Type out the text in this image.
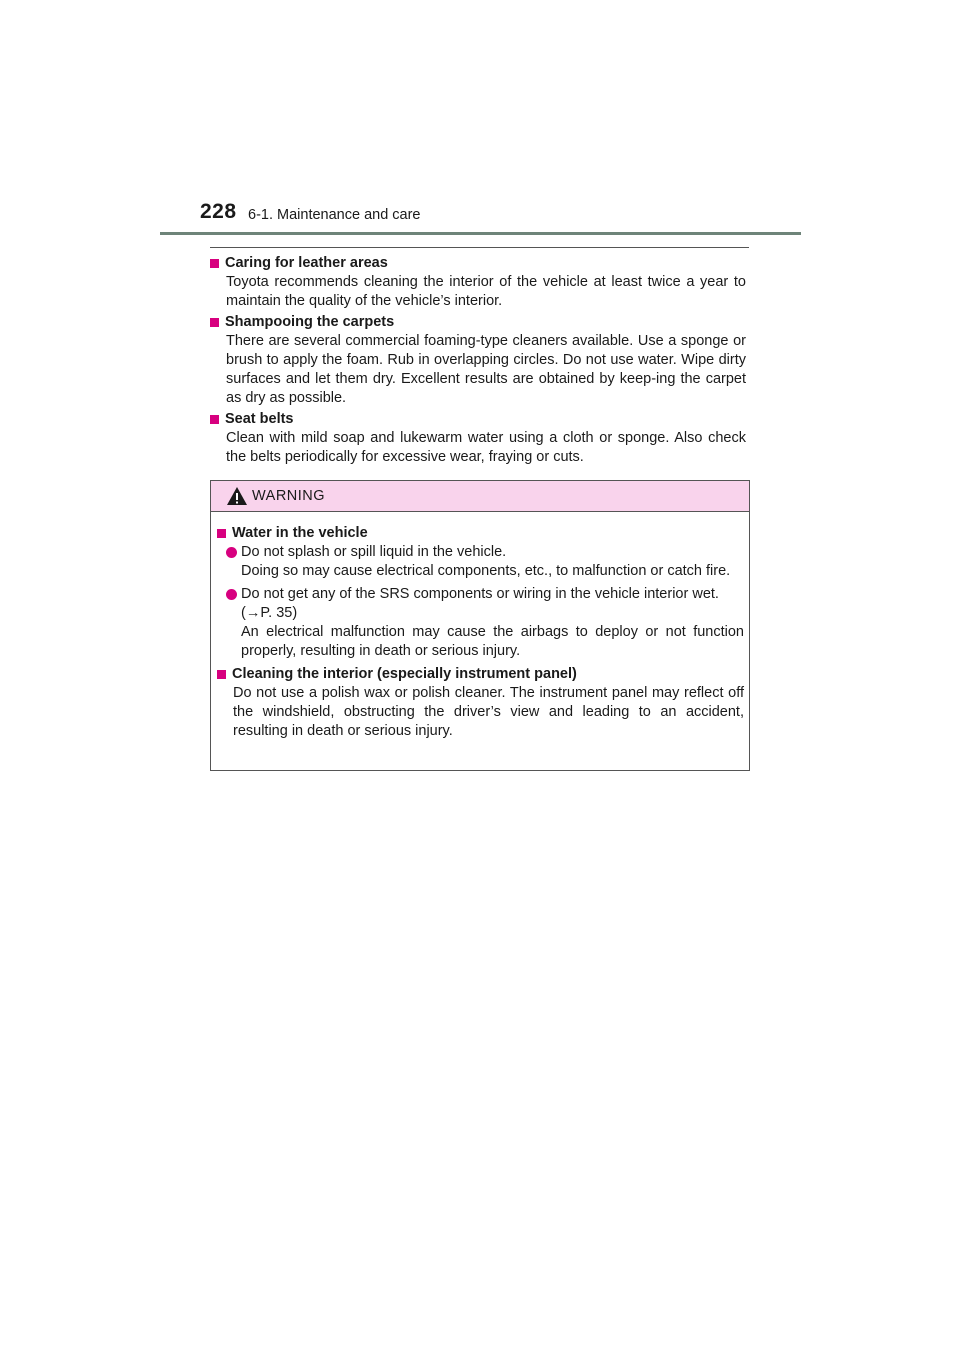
228 6-1. Maintenance and care
Caring for leather areas
Toyota recommends cleaning the interior of the vehicle at least twice a year to maintain the quality of the vehicle’s interior.
Shampooing the carpets
There are several commercial foaming-type cleaners available. Use a sponge or brush to apply the foam. Rub in overlapping circles. Do not use water. Wipe dirty surfaces and let them dry. Excellent results are obtained by keep-ing the carpet as dry as possible.
Seat belts
Clean with mild soap and lukewarm water using a cloth or sponge. Also check the belts periodically for excessive wear, fraying or cuts.
WARNING
Water in the vehicle
Do not splash or spill liquid in the vehicle.
Doing so may cause electrical components, etc., to malfunction or catch fire.
Do not get any of the SRS components or wiring in the vehicle interior wet.
(→P. 35)
An electrical malfunction may cause the airbags to deploy or not function properly, resulting in death or serious injury.
Cleaning the interior (especially instrument panel)
Do not use a polish wax or polish cleaner. The instrument panel may reflect off the windshield, obstructing the driver’s view and leading to an accident, resulting in death or serious injury.
